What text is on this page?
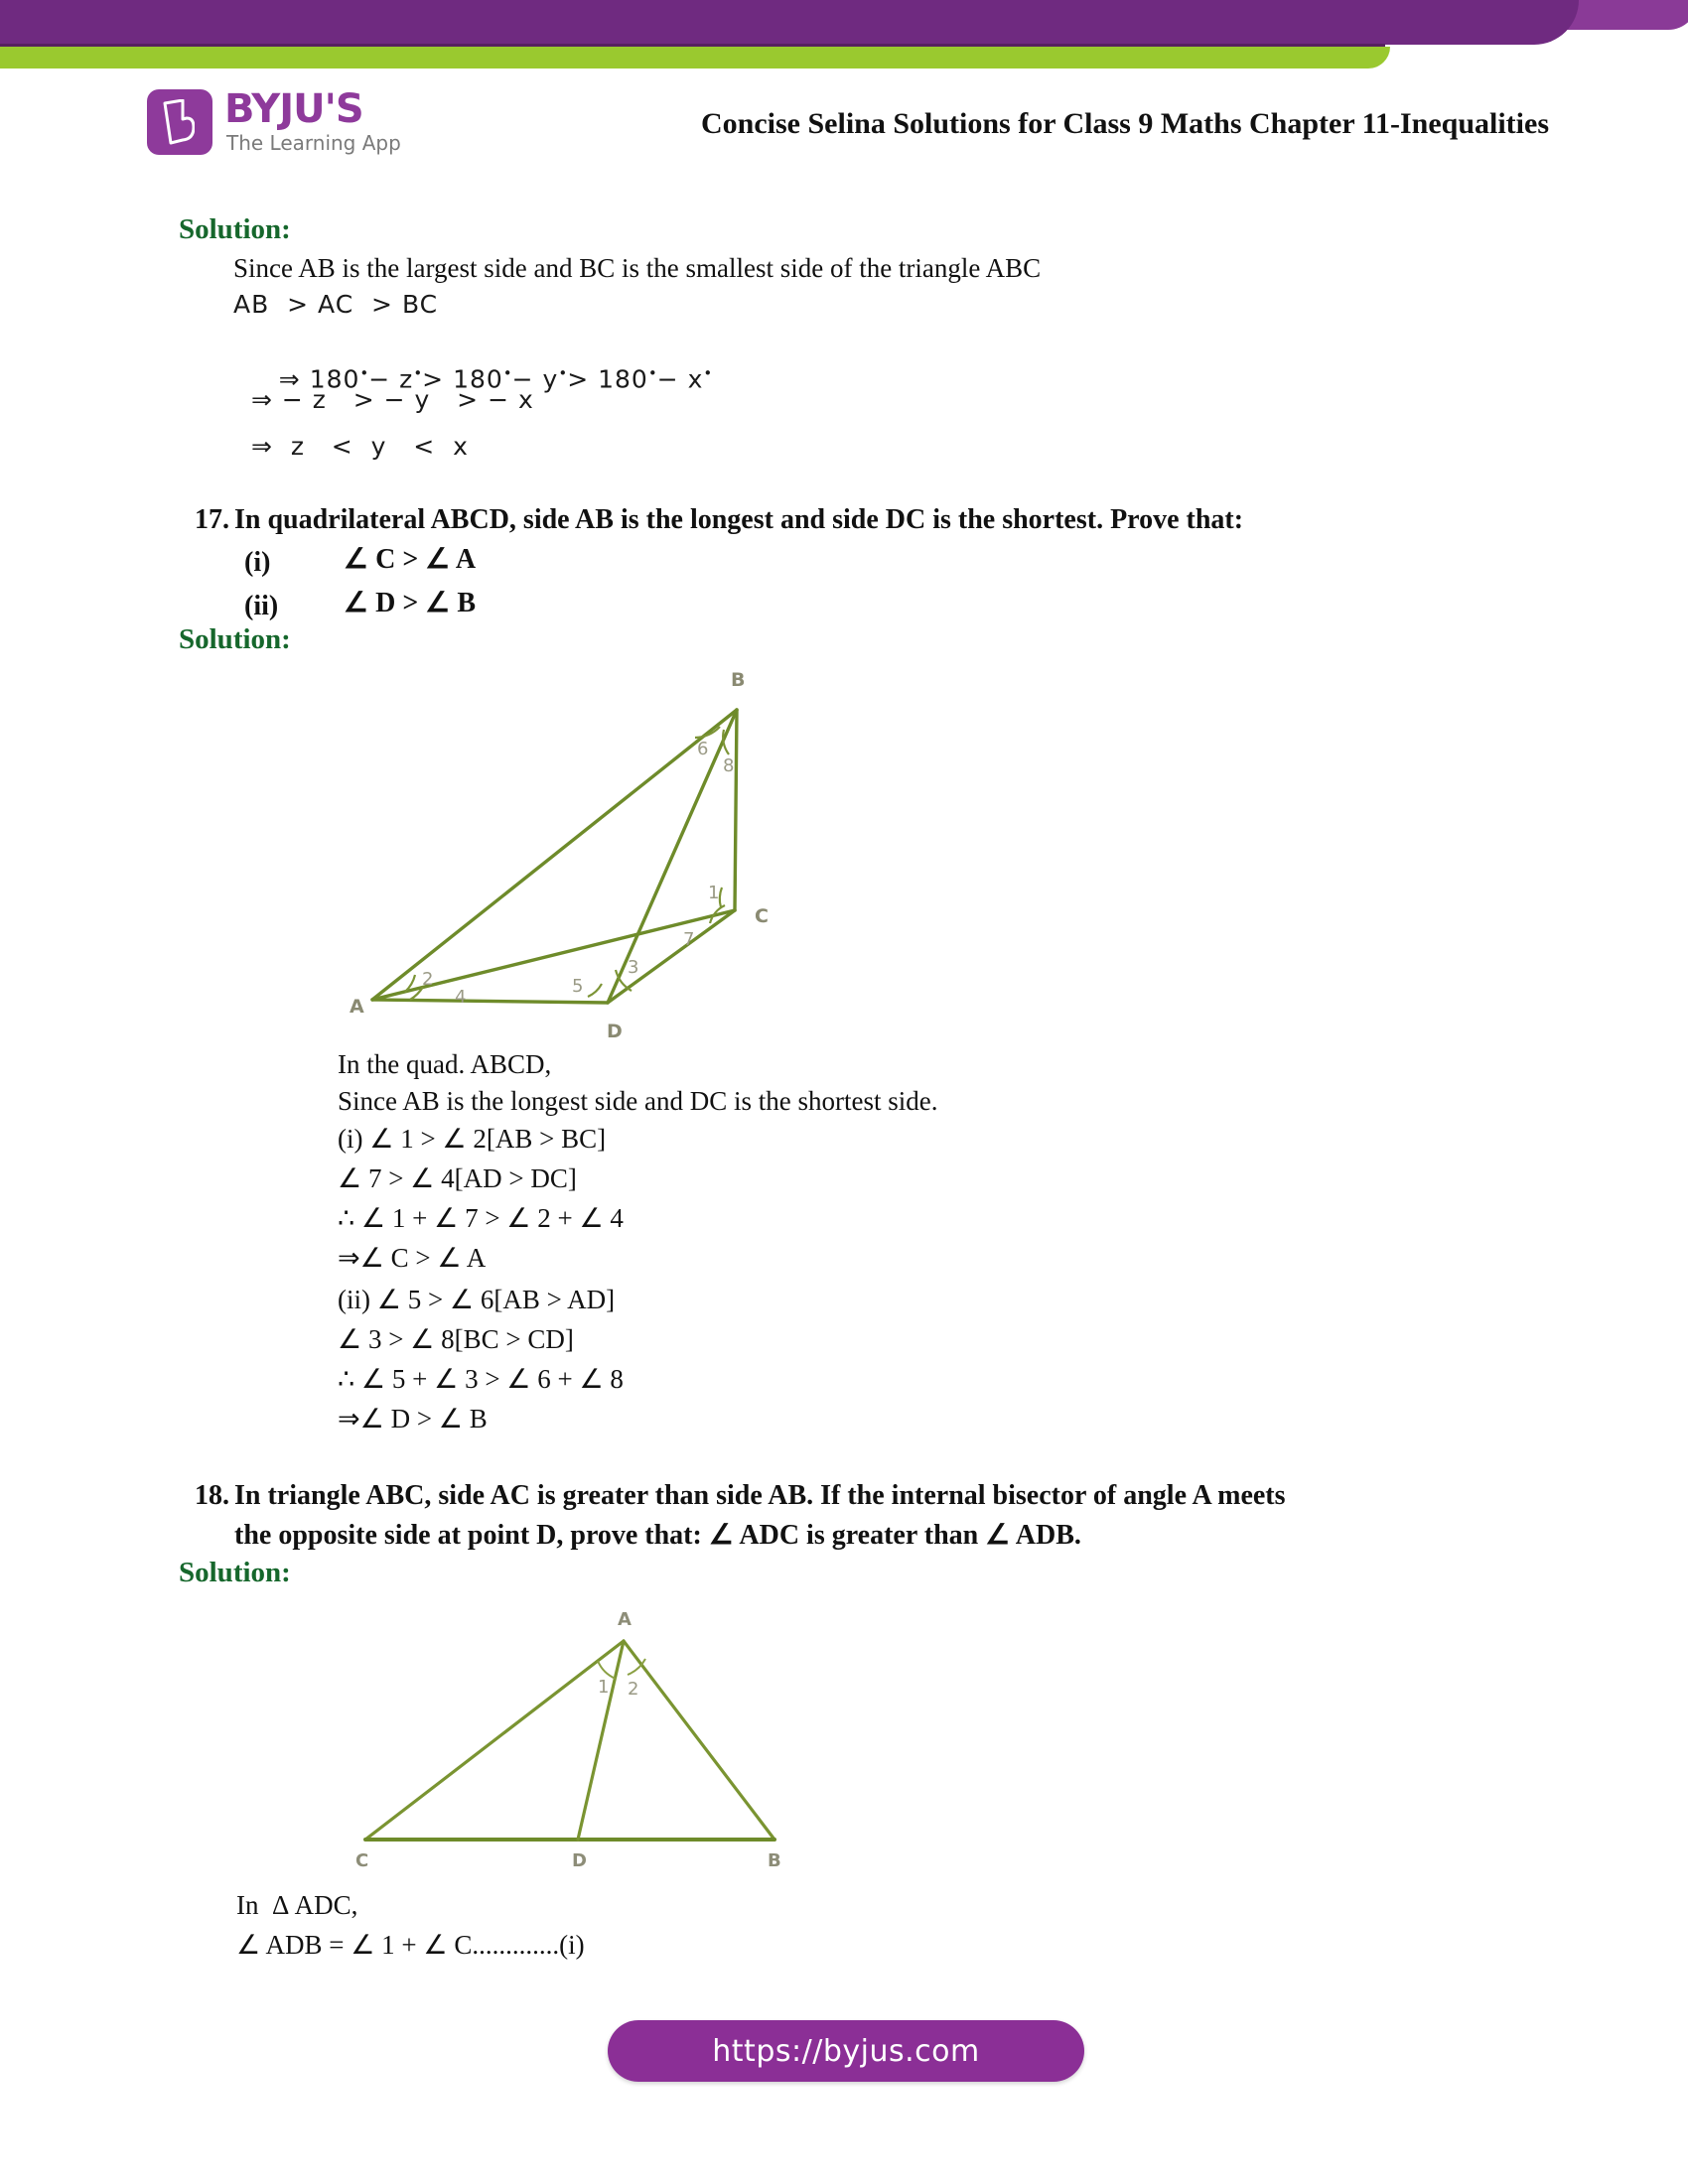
BYJU'S
The Learning App
Concise Selina Solutions for Class 9 Maths Chapter 11-Inequalities
Solution:
Since AB is the largest side and BC is the smallest side of the triangle ABC
AB  > AC  > BC

⇒ 180•− z•> 180•− y•> 180•− x•

⇒ − z   > − y   > − x
⇒  z   <  y   <  x
17. In quadrilateral ABCD, side AB is the longest and side DC is the shortest. Prove that:
(i)	∠ C > ∠ A
(ii) ∠ D > ∠ B
Solution:
B
C
D
A
6
8
1
7
3
5
2
4
In the quad. ABCD,
Since AB is the longest side and DC is the shortest side.
(i) ∠ 1 > ∠ 2[AB > BC]
∠ 7 > ∠ 4[AD > DC]
∴ ∠ 1 + ∠ 7 > ∠ 2 + ∠ 4
⇒∠ C > ∠ A
(ii) ∠ 5 > ∠ 6[AB > AD]
∠ 3 > ∠ 8[BC > CD]
∴ ∠ 5 + ∠ 3 > ∠ 6 + ∠ 8
⇒∠ D > ∠ B
18. In triangle ABC, side AC is greater than side AB. If the internal bisector of angle A meets
the opposite side at point D, prove that: ∠ ADC is greater than ∠ ADB.
Solution:
A
C	D	B
1 2
In  Δ ADC,
∠ ADB = ∠ 1 + ∠ C.............(i)
https://byjus.com
